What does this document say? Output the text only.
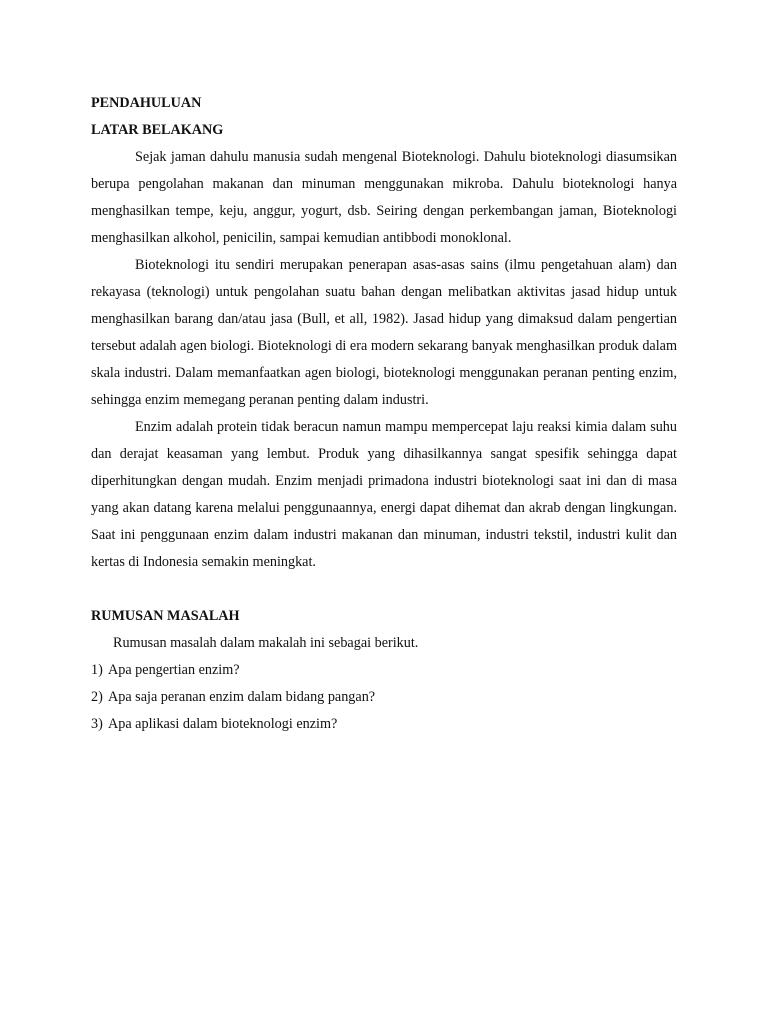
PENDAHULUAN

LATAR BELAKANG

Sejak jaman dahulu manusia sudah mengenal Bioteknologi. Dahulu bioteknologi diasumsikan berupa pengolahan makanan dan minuman menggunakan mikroba. Dahulu bioteknologi hanya menghasilkan tempe, keju, anggur, yogurt, dsb. Seiring dengan perkembangan jaman, Bioteknologi menghasilkan alkohol, penicilin, sampai kemudian antibbodi monoklonal.

Bioteknologi itu sendiri merupakan penerapan asas-asas sains (ilmu pengetahuan alam) dan rekayasa (teknologi) untuk pengolahan suatu bahan dengan melibatkan aktivitas jasad hidup untuk menghasilkan barang dan/atau jasa (Bull, et all, 1982). Jasad hidup yang dimaksud dalam pengertian tersebut adalah agen biologi. Bioteknologi di era modern sekarang banyak menghasilkan produk dalam skala industri. Dalam memanfaatkan agen biologi, bioteknologi menggunakan peranan penting enzim, sehingga enzim memegang peranan penting dalam industri.

Enzim adalah protein tidak beracun namun mampu mempercepat laju reaksi kimia dalam suhu dan derajat keasaman yang lembut. Produk yang dihasilkannya sangat spesifik sehingga dapat diperhitungkan dengan mudah. Enzim menjadi primadona industri bioteknologi saat ini dan di masa yang akan datang karena melalui penggunaannya, energi dapat dihemat dan akrab dengan lingkungan. Saat ini penggunaan enzim dalam industri makanan dan minuman, industri tekstil, industri kulit dan kertas di Indonesia semakin meningkat.

RUMUSAN MASALAH

Rumusan masalah dalam makalah ini sebagai berikut.

1) Apa pengertian enzim?
2) Apa saja peranan enzim dalam bidang pangan?
3) Apa aplikasi dalam bioteknologi enzim?
